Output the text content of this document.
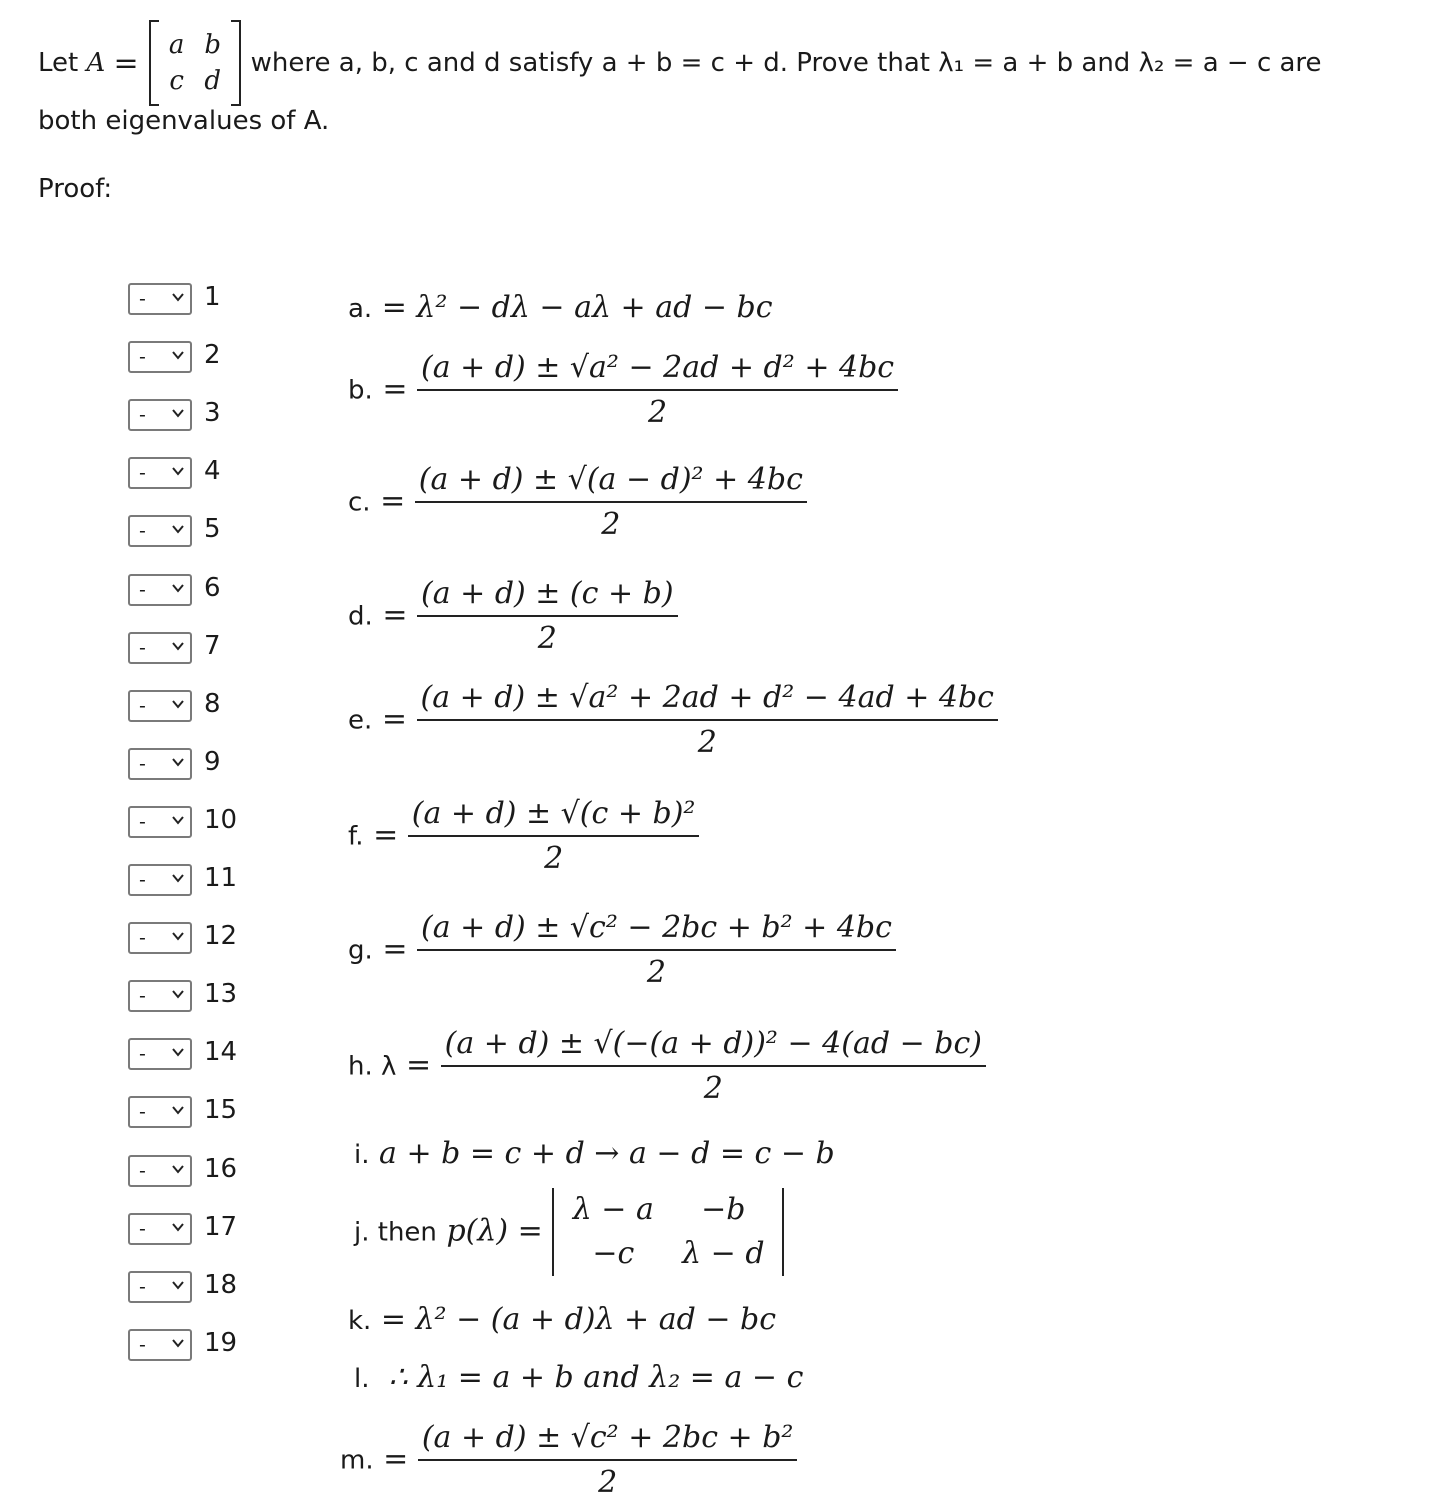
Let
A
=
a b
c d
where a, b, c and d satisfy a + b = c + d. Prove that λ₁ = a + b and λ₂ = a − c are
both eigenvalues of A.
Proof:
- 1
- 2
- 3
- 4
- 5
- 6
- 7
- 8
- 9
- 10
- 11
- 12
- 13
- 14
- 15
- 16
- 17
- 18
- 19
a. = λ² − dλ − aλ + ad − bc
b. = $\frac{\text{(a + d) ± √a² − 2ad + d² + 4bc}}{2}$
c. = $\frac{\text{(a + d) ± √(a − d)² + 4bc}}{2}$
d. = $\frac{(a + d) \pm (c + b)}{2}$
e. = $\frac{\text{(a + d) ± √a² + 2ad + d² − 4ad + 4bc}}{2}$
f. = $\frac{\text{(a + d) ± √(c + b)²}}{2}$
g. = $\frac{\text{(a + d) ± √c² − 2bc + b² + 4bc}}{2}$
h. $\lambda = \frac{\text{(a + d) ± √(−(a + d))² − 4(ad − bc)}}{2}$
i. a + b = c + d → a − d = c − b
j. then p(λ) =
λ − a	−b
−c	λ − d
k. = λ² − (a + d)λ + ad − bc
l. ∴ λ₁ = a + b and λ₂ = a − c
m. = $\frac{\text{(a + d) ± √c² + 2bc + b²}}{2}$
